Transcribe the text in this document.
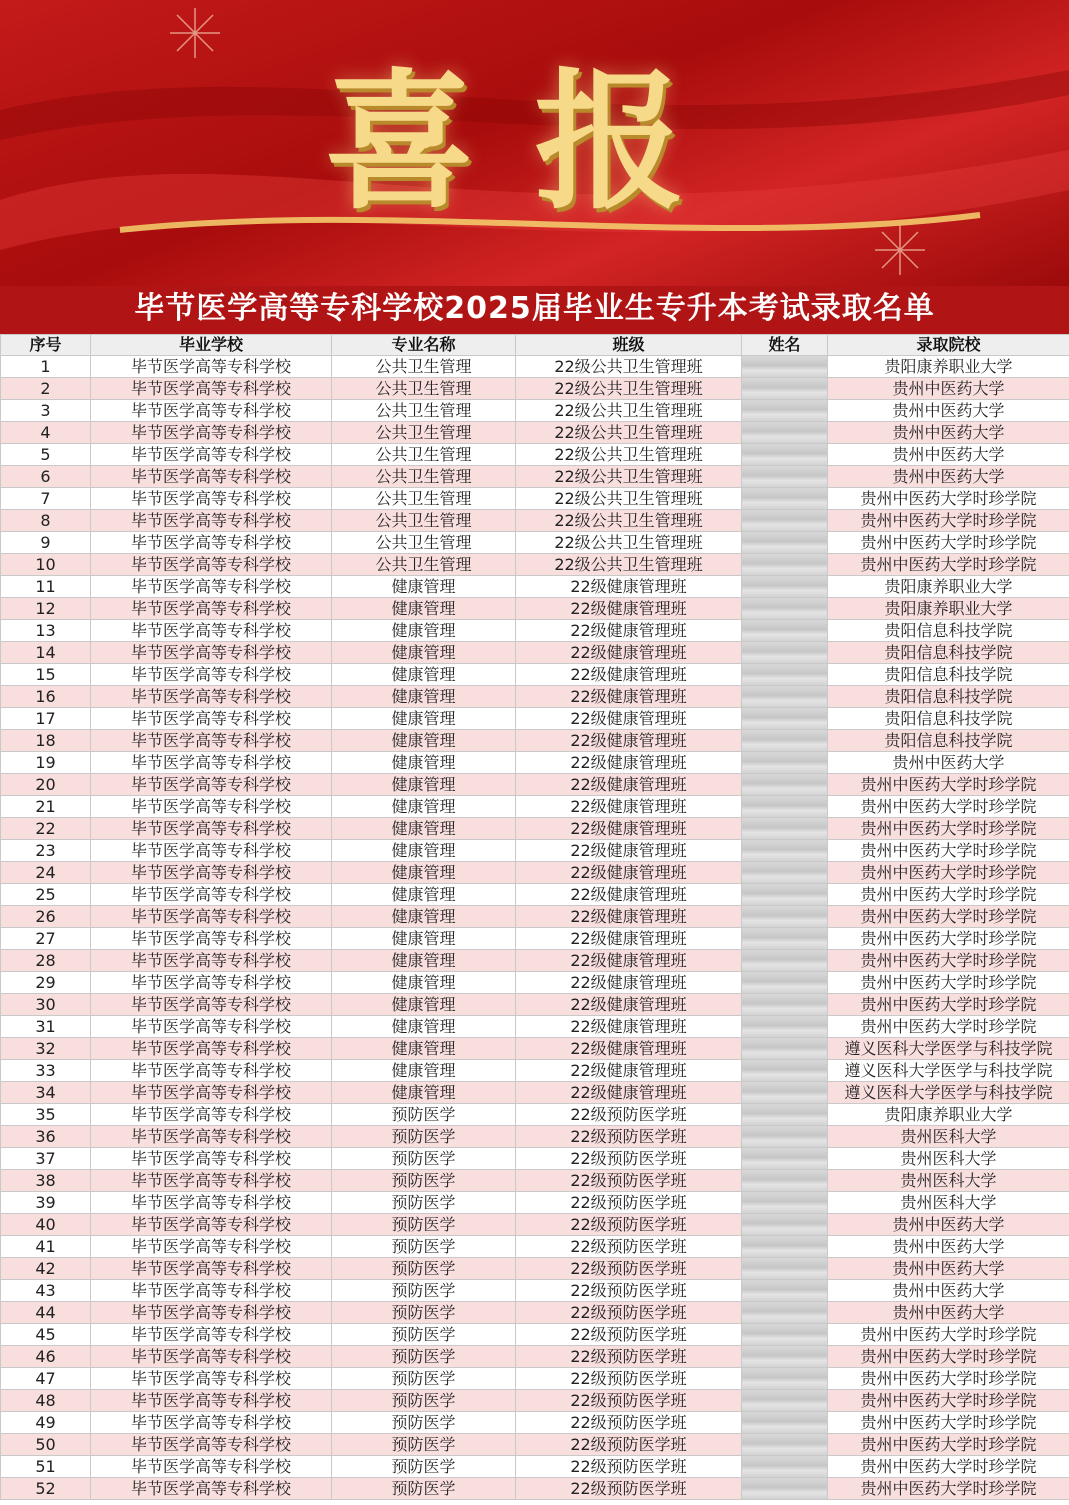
喜报
毕节医学高等专科学校2025届毕业生专升本考试录取名单
序号	毕业学校	专业名称	班级	姓名	录取院校
1	毕节医学高等专科学校	公共卫生管理	22级公共卫生管理班		贵阳康养职业大学
2	毕节医学高等专科学校	公共卫生管理	22级公共卫生管理班		贵州中医药大学
3	毕节医学高等专科学校	公共卫生管理	22级公共卫生管理班		贵州中医药大学
4	毕节医学高等专科学校	公共卫生管理	22级公共卫生管理班		贵州中医药大学
5	毕节医学高等专科学校	公共卫生管理	22级公共卫生管理班		贵州中医药大学
6	毕节医学高等专科学校	公共卫生管理	22级公共卫生管理班		贵州中医药大学
7	毕节医学高等专科学校	公共卫生管理	22级公共卫生管理班		贵州中医药大学时珍学院
8	毕节医学高等专科学校	公共卫生管理	22级公共卫生管理班		贵州中医药大学时珍学院
9	毕节医学高等专科学校	公共卫生管理	22级公共卫生管理班		贵州中医药大学时珍学院
10	毕节医学高等专科学校	公共卫生管理	22级公共卫生管理班		贵州中医药大学时珍学院
11	毕节医学高等专科学校	健康管理	22级健康管理班		贵阳康养职业大学
12	毕节医学高等专科学校	健康管理	22级健康管理班		贵阳康养职业大学
13	毕节医学高等专科学校	健康管理	22级健康管理班		贵阳信息科技学院
14	毕节医学高等专科学校	健康管理	22级健康管理班		贵阳信息科技学院
15	毕节医学高等专科学校	健康管理	22级健康管理班		贵阳信息科技学院
16	毕节医学高等专科学校	健康管理	22级健康管理班		贵阳信息科技学院
17	毕节医学高等专科学校	健康管理	22级健康管理班		贵阳信息科技学院
18	毕节医学高等专科学校	健康管理	22级健康管理班		贵阳信息科技学院
19	毕节医学高等专科学校	健康管理	22级健康管理班		贵州中医药大学
20	毕节医学高等专科学校	健康管理	22级健康管理班		贵州中医药大学时珍学院
21	毕节医学高等专科学校	健康管理	22级健康管理班		贵州中医药大学时珍学院
22	毕节医学高等专科学校	健康管理	22级健康管理班		贵州中医药大学时珍学院
23	毕节医学高等专科学校	健康管理	22级健康管理班		贵州中医药大学时珍学院
24	毕节医学高等专科学校	健康管理	22级健康管理班		贵州中医药大学时珍学院
25	毕节医学高等专科学校	健康管理	22级健康管理班		贵州中医药大学时珍学院
26	毕节医学高等专科学校	健康管理	22级健康管理班		贵州中医药大学时珍学院
27	毕节医学高等专科学校	健康管理	22级健康管理班		贵州中医药大学时珍学院
28	毕节医学高等专科学校	健康管理	22级健康管理班		贵州中医药大学时珍学院
29	毕节医学高等专科学校	健康管理	22级健康管理班		贵州中医药大学时珍学院
30	毕节医学高等专科学校	健康管理	22级健康管理班		贵州中医药大学时珍学院
31	毕节医学高等专科学校	健康管理	22级健康管理班		贵州中医药大学时珍学院
32	毕节医学高等专科学校	健康管理	22级健康管理班		遵义医科大学医学与科技学院
33	毕节医学高等专科学校	健康管理	22级健康管理班		遵义医科大学医学与科技学院
34	毕节医学高等专科学校	健康管理	22级健康管理班		遵义医科大学医学与科技学院
35	毕节医学高等专科学校	预防医学	22级预防医学班		贵阳康养职业大学
36	毕节医学高等专科学校	预防医学	22级预防医学班		贵州医科大学
37	毕节医学高等专科学校	预防医学	22级预防医学班		贵州医科大学
38	毕节医学高等专科学校	预防医学	22级预防医学班		贵州医科大学
39	毕节医学高等专科学校	预防医学	22级预防医学班		贵州医科大学
40	毕节医学高等专科学校	预防医学	22级预防医学班		贵州中医药大学
41	毕节医学高等专科学校	预防医学	22级预防医学班		贵州中医药大学
42	毕节医学高等专科学校	预防医学	22级预防医学班		贵州中医药大学
43	毕节医学高等专科学校	预防医学	22级预防医学班		贵州中医药大学
44	毕节医学高等专科学校	预防医学	22级预防医学班		贵州中医药大学
45	毕节医学高等专科学校	预防医学	22级预防医学班		贵州中医药大学时珍学院
46	毕节医学高等专科学校	预防医学	22级预防医学班		贵州中医药大学时珍学院
47	毕节医学高等专科学校	预防医学	22级预防医学班		贵州中医药大学时珍学院
48	毕节医学高等专科学校	预防医学	22级预防医学班		贵州中医药大学时珍学院
49	毕节医学高等专科学校	预防医学	22级预防医学班		贵州中医药大学时珍学院
50	毕节医学高等专科学校	预防医学	22级预防医学班		贵州中医药大学时珍学院
51	毕节医学高等专科学校	预防医学	22级预防医学班		贵州中医药大学时珍学院
52	毕节医学高等专科学校	预防医学	22级预防医学班		贵州中医药大学时珍学院
